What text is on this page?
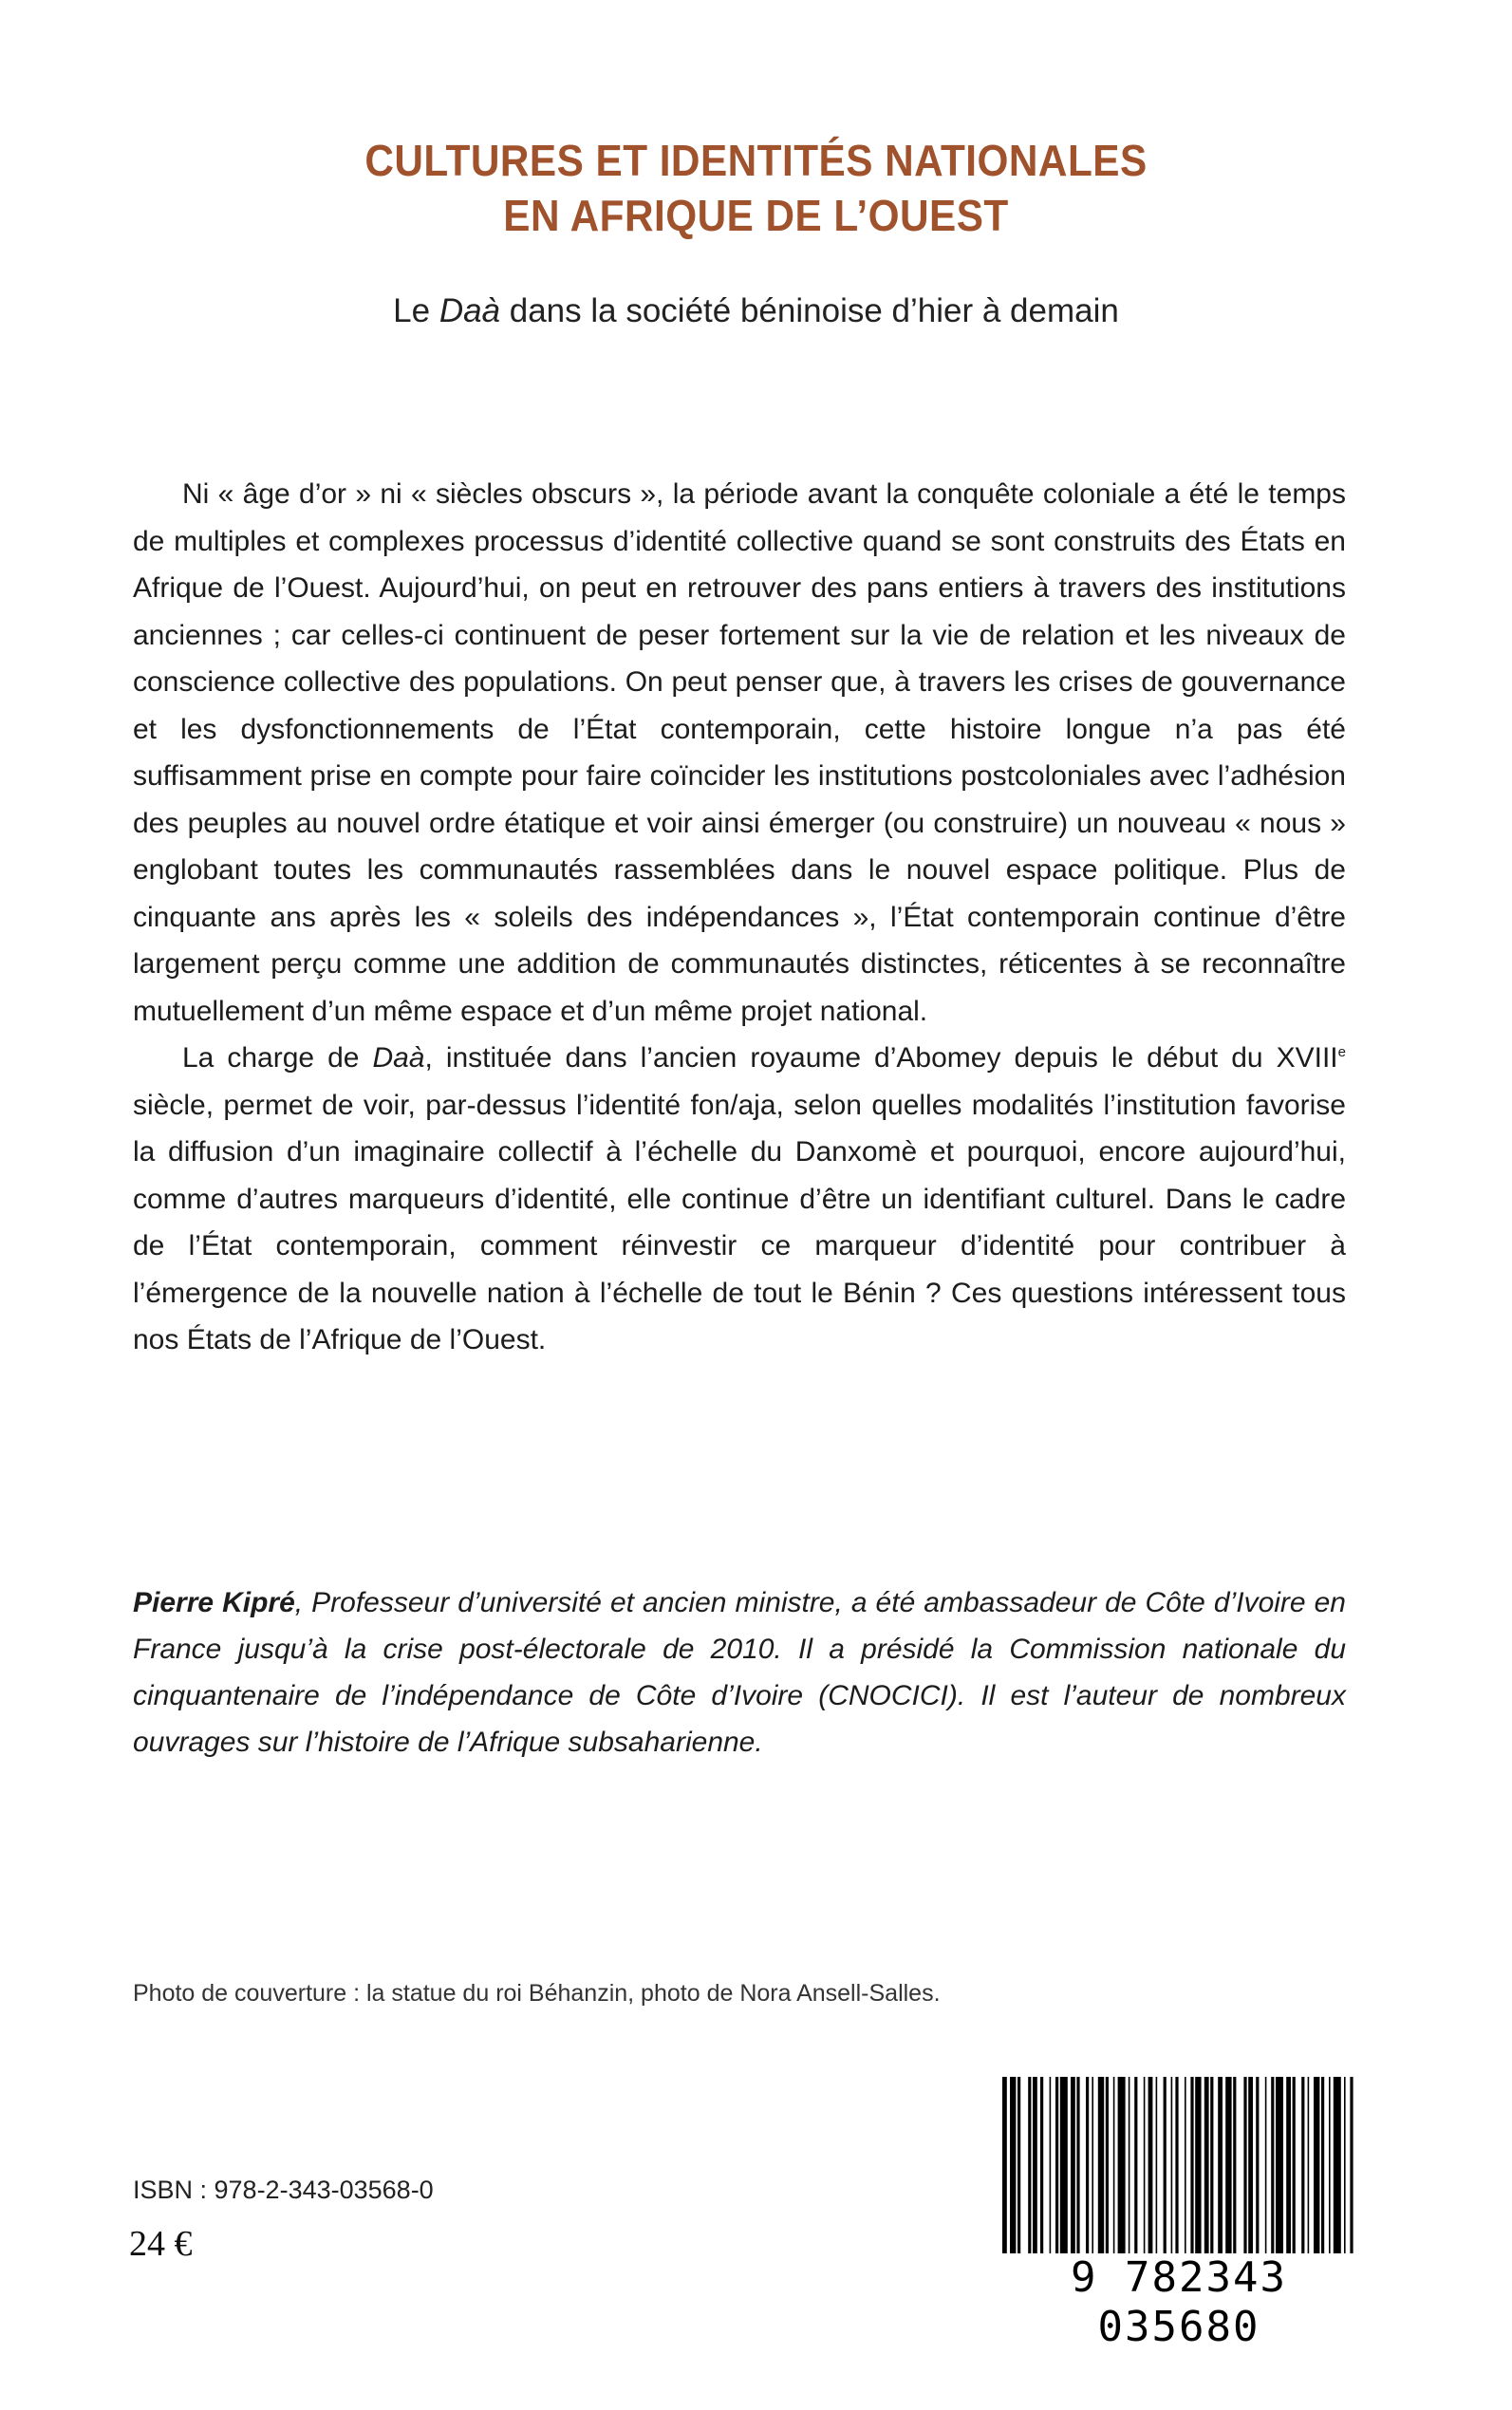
CULTURES ET IDENTITÉS NATIONALES
EN AFRIQUE DE L’OUEST
Le Daà dans la société béninoise d’hier à demain

Ni « âge d’or » ni « siècles obscurs », la période avant la conquête coloniale a été le temps de multiples et complexes processus d’identité collective quand se sont construits des États en Afrique de l’Ouest. Aujourd’hui, on peut en retrouver des pans entiers à travers des institutions anciennes ; car celles-ci continuent de peser fortement sur la vie de relation et les niveaux de conscience collective des populations. On peut penser que, à travers les crises de gouvernance et les dysfonctionnements de l’État contemporain, cette histoire longue n’a pas été suffisamment prise en compte pour faire coïncider les institutions postcoloniales avec l’adhésion des peuples au nouvel ordre étatique et voir ainsi émerger (ou construire) un nouveau « nous » englobant toutes les communautés rassemblées dans le nouvel espace politique. Plus de cinquante ans après les « soleils des indépendances », l’État contemporain continue d’être largement perçu comme une addition de communautés distinctes, réticentes à se reconnaître mutuellement d’un même espace et d’un même projet national.

La charge de Daà, instituée dans l’ancien royaume d’Abomey depuis le début du XVIIIe siècle, permet de voir, par-dessus l’identité fon/aja, selon quelles modalités l’institution favorise la diffusion d’un imaginaire collectif à l’échelle du Danxomè et pourquoi, encore aujourd’hui, comme d’autres marqueurs d’identité, elle continue d’être un identifiant culturel. Dans le cadre de l’État contemporain, comment réinvestir ce marqueur d’identité pour contribuer à l’émergence de la nouvelle nation à l’échelle de tout le Bénin ? Ces questions intéressent tous nos États de l’Afrique de l’Ouest.

Pierre Kipré, Professeur d’université et ancien ministre, a été ambassadeur de Côte d’Ivoire en France jusqu’à la crise post-électorale de 2010. Il a présidé la Commission nationale du cinquantenaire de l’indépendance de Côte d’Ivoire (CNOCICI). Il est l’auteur de nombreux ouvrages sur l’histoire de l’Afrique subsaharienne.
Photo de couverture : la statue du roi Béhanzin, photo de Nora Ansell-Salles.
ISBN : 978-2-343-03568-0
24 €
9 782343 035680
